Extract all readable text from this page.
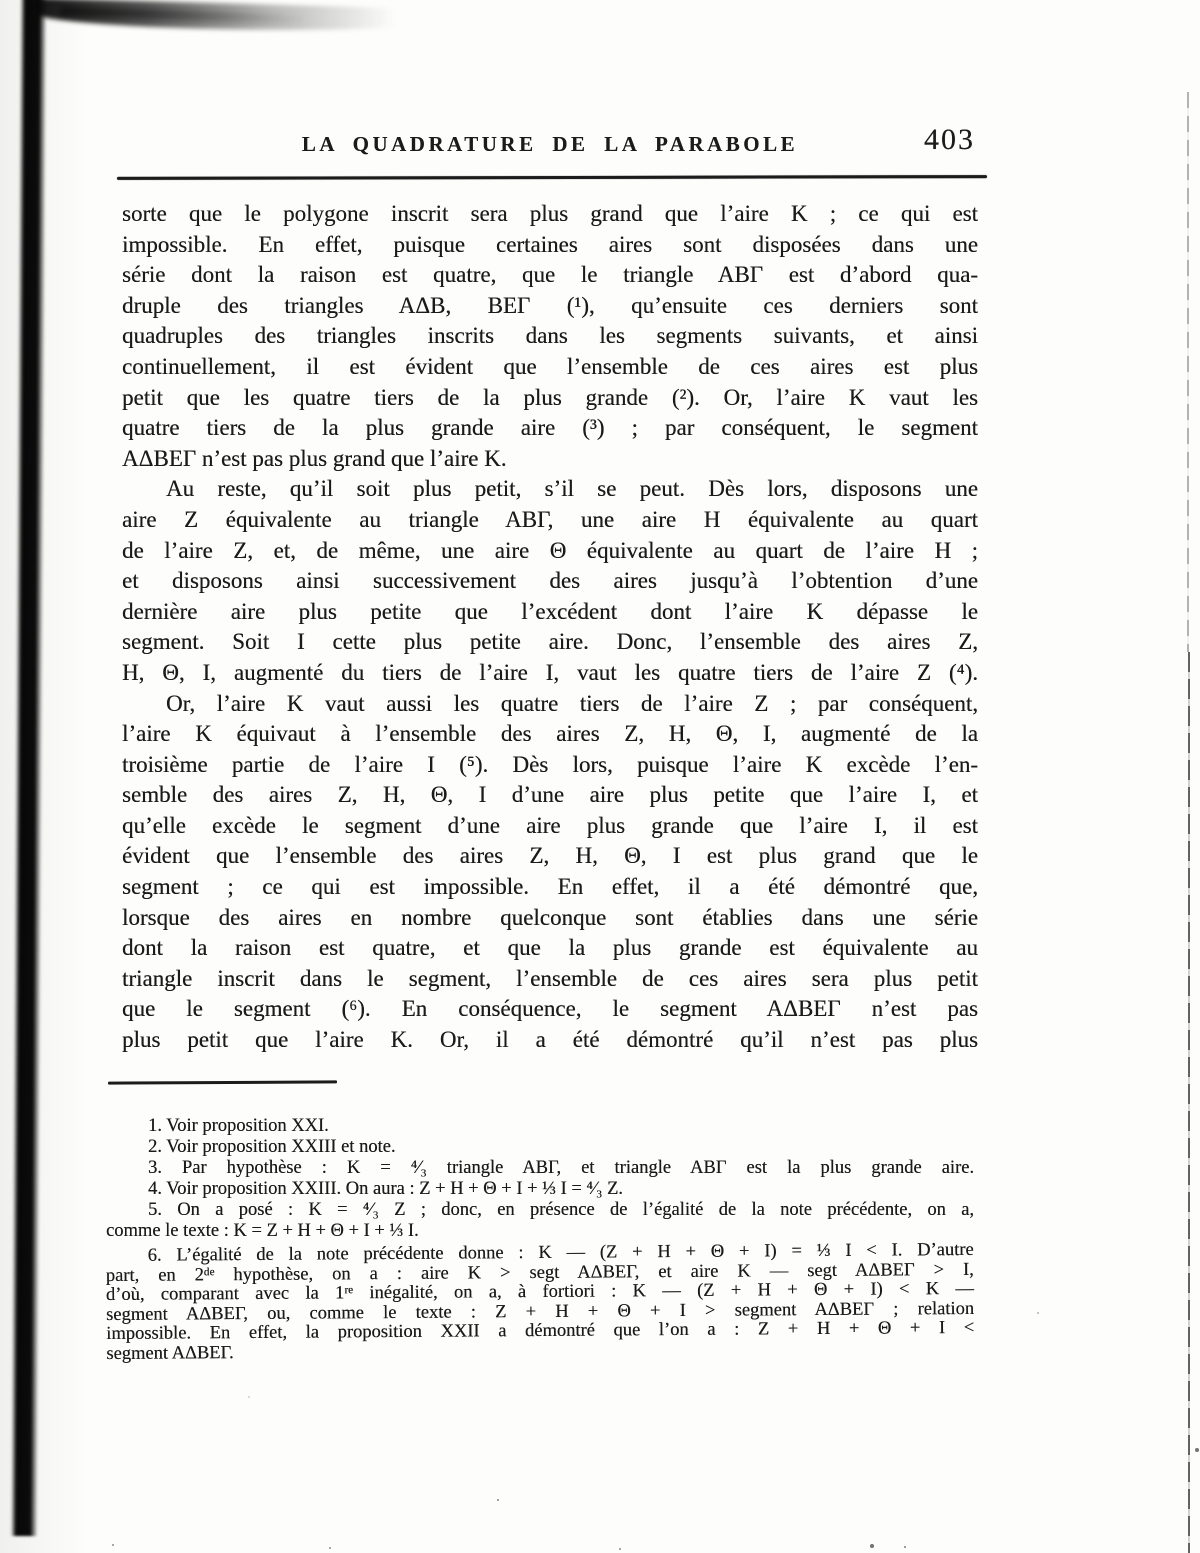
LA QUADRATURE DE LA PARABOLE	403
sorte que le polygone inscrit sera plus grand que l’aire K ; ce qui est
impossible. En effet, puisque certaines aires sont disposées dans une
série dont la raison est quatre, que le triangle ABΓ est d’abord qua-
druple des triangles AΔB, BEΓ (¹), qu’ensuite ces derniers sont
quadruples des triangles inscrits dans les segments suivants, et ainsi
continuellement, il est évident que l’ensemble de ces aires est plus
petit que les quatre tiers de la plus grande (²). Or, l’aire K vaut les
quatre tiers de la plus grande aire (³) ; par conséquent, le segment
AΔBEΓ n’est pas plus grand que l’aire K.
Au reste, qu’il soit plus petit, s’il se peut. Dès lors, disposons une
aire Z équivalente au triangle ABΓ, une aire H équivalente au quart
de l’aire Z, et, de même, une aire Θ équivalente au quart de l’aire H ;
et disposons ainsi successivement des aires jusqu’à l’obtention d’une
dernière aire plus petite que l’excédent dont l’aire K dépasse le
segment. Soit I cette plus petite aire. Donc, l’ensemble des aires Z,
H, Θ, I, augmenté du tiers de l’aire I, vaut les quatre tiers de l’aire Z (⁴).
Or, l’aire K vaut aussi les quatre tiers de l’aire Z ; par conséquent,
l’aire K équivaut à l’ensemble des aires Z, H, Θ, I, augmenté de la
troisième partie de l’aire I (⁵). Dès lors, puisque l’aire K excède l’en-
semble des aires Z, H, Θ, I d’une aire plus petite que l’aire I, et
qu’elle excède le segment d’une aire plus grande que l’aire I, il est
évident que l’ensemble des aires Z, H, Θ, I est plus grand que le
segment ; ce qui est impossible. En effet, il a été démontré que,
lorsque des aires en nombre quelconque sont établies dans une série
dont la raison est quatre, et que la plus grande est équivalente au
triangle inscrit dans le segment, l’ensemble de ces aires sera plus petit
que le segment (⁶). En conséquence, le segment AΔBEΓ n’est pas
plus petit que l’aire K. Or, il a été démontré qu’il n’est pas plus
1. Voir proposition XXI.
2. Voir proposition XXIII et note.
3. Par hypothèse : K = ⁴⁄₃ triangle ABΓ, et triangle ABΓ est la plus grande aire.
4. Voir proposition XXIII. On aura : Z + H + Θ + I + ⅓ I = ⁴⁄₃ Z.
5. On a posé : K = ⁴⁄₃ Z ; donc, en présence de l’égalité de la note précédente, on a,
comme le texte : K = Z + H + Θ + I + ⅓ I.
6. L’égalité de la note précédente donne : K — (Z + H + Θ + I) = ⅓ I < I. D’autre
part, en 2ᵈᵉ hypothèse, on a : aire K > segt AΔBEΓ, et aire K — segt AΔBEΓ > I,
d’où, comparant avec la 1ʳᵉ inégalité, on a, à fortiori : K — (Z + H + Θ + I) < K —
segment AΔBEΓ, ou, comme le texte : Z + H + Θ + I > segment AΔBEΓ ; relation
impossible. En effet, la proposition XXII a démontré que l’on a : Z + H + Θ + I <
segment AΔBEΓ.
